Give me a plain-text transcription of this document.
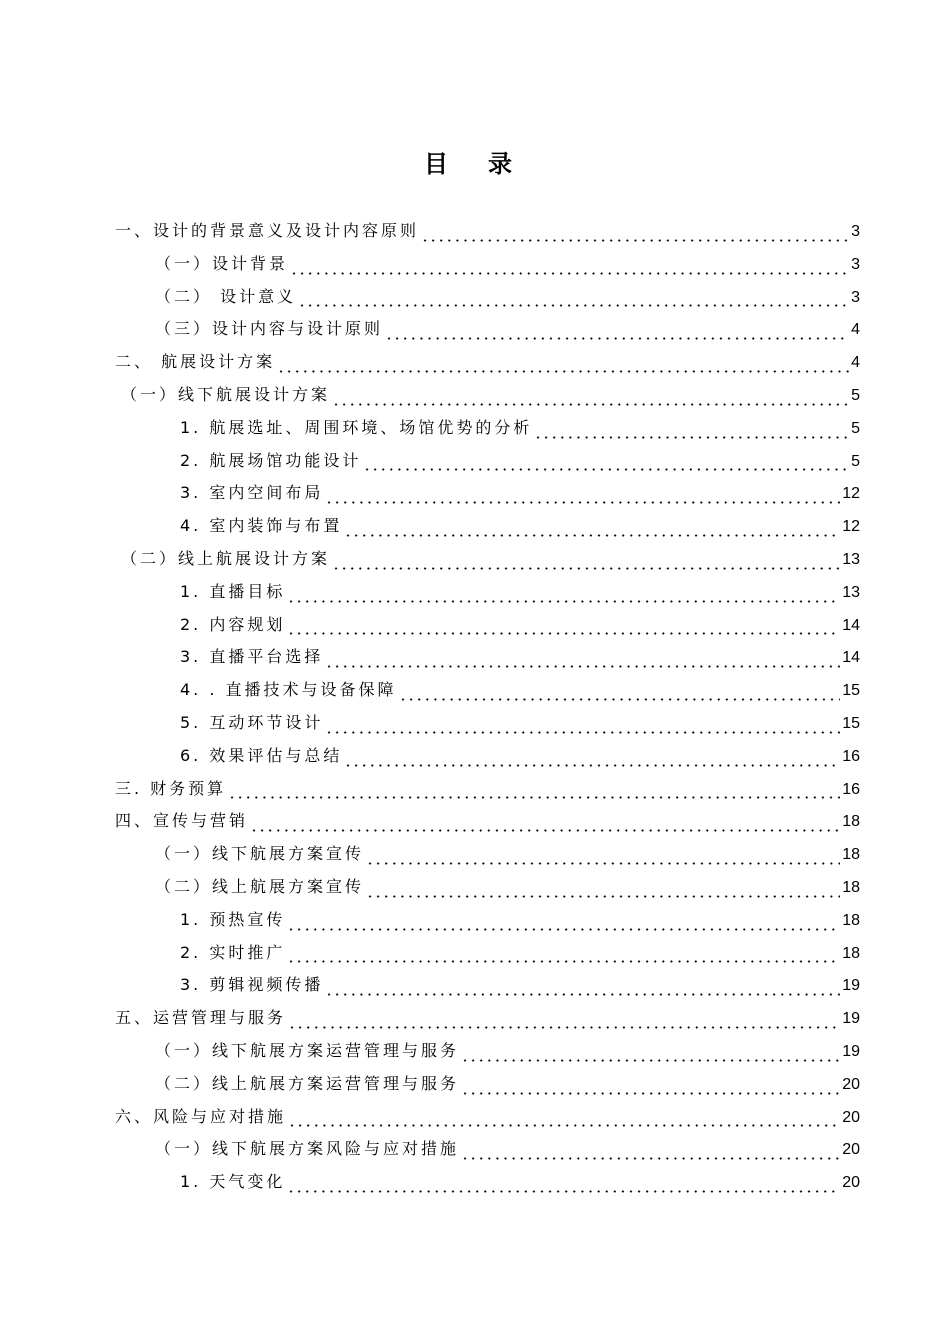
目录
一、设计的背景意义及设计内容原则	3
（一）设计背景	3
（二） 设计意义	3
（三）设计内容与设计原则	4
二、 航展设计方案	4
（一）线下航展设计方案	5
1. 航展选址、周围环境、场馆优势的分析	5
2. 航展场馆功能设计	5
3. 室内空间布局	12
4. 室内装饰与布置	12
（二）线上航展设计方案	13
1. 直播目标	13
2. 内容规划	14
3. 直播平台选择	14
4. . 直播技术与设备保障	15
5. 互动环节设计	15
6. 效果评估与总结	16
三. 财务预算	16
四、宣传与营销	18
（一）线下航展方案宣传	18
（二）线上航展方案宣传	18
1. 预热宣传	18
2. 实时推广	18
3. 剪辑视频传播	19
五、运营管理与服务	19
（一）线下航展方案运营管理与服务	19
（二）线上航展方案运营管理与服务	20
六、风险与应对措施	20
（一）线下航展方案风险与应对措施	20
1. 天气变化	20
